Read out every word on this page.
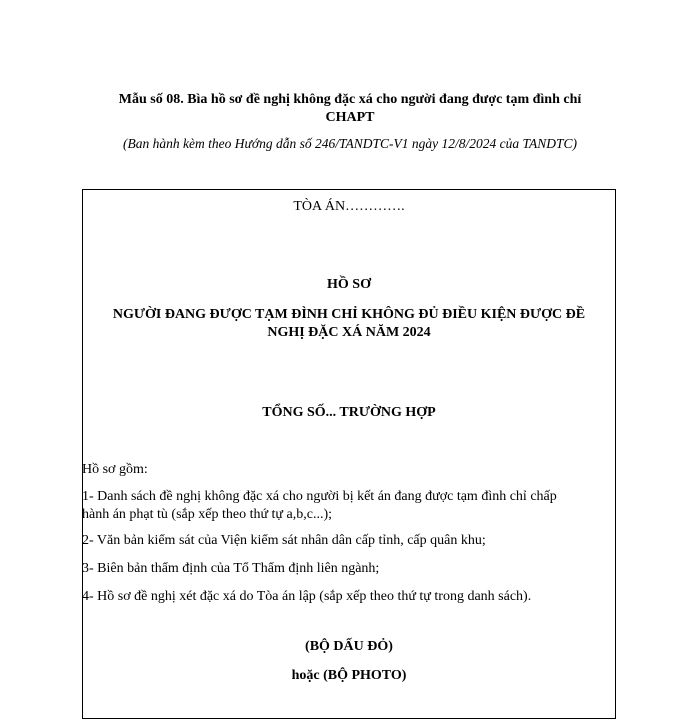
Mẫu số 08. Bìa hồ sơ đề nghị không đặc xá cho người đang được tạm đình chỉ
CHAPT
(Ban hành kèm theo Hướng dẫn số 246/TANDTC-V1 ngày 12/8/2024 của TANDTC)
TÒA ÁN………….
HỒ SƠ
NGƯỜI ĐANG ĐƯỢC TẠM ĐÌNH CHỈ KHÔNG ĐỦ ĐIỀU KIỆN ĐƯỢC ĐỀ
NGHỊ ĐẶC XÁ NĂM 2024
TỔNG SỐ... TRƯỜNG HỢP
Hồ sơ gồm:
1- Danh sách đề nghị không đặc xá cho người bị kết án đang được tạm đình chỉ chấp
hành án phạt tù (sắp xếp theo thứ tự a,b,c...);
2- Văn bản kiểm sát của Viện kiểm sát nhân dân cấp tỉnh, cấp quân khu;
3- Biên bản thẩm định của Tổ Thẩm định liên ngành;
4- Hồ sơ đề nghị xét đặc xá do Tòa án lập (sắp xếp theo thứ tự trong danh sách).
(BỘ DẤU ĐỎ)
hoặc (BỘ PHOTO)
